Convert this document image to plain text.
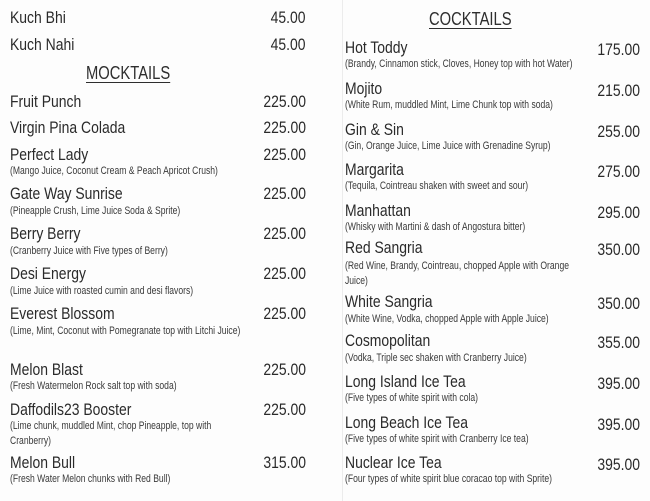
Kuch Bhi	45.00
Kuch Nahi	45.00
MOCKTAILS
Fruit Punch	225.00
Virgin Pina Colada	225.00
Perfect Lady	225.00
(Mango Juice, Coconut Cream & Peach Apricot Crush)
Gate Way Sunrise	225.00
(Pineapple Crush, Lime Juice Soda & Sprite)
Berry Berry	225.00
(Cranberry Juice with Five types of Berry)
Desi Energy	225.00
(Lime Juice with roasted cumin and desi flavors)
Everest Blossom	225.00
(Lime, Mint, Coconut with Pomegranate top with Litchi Juice)
Melon Blast	225.00
(Fresh Watermelon Rock salt top with soda)
Daffodils23 Booster	225.00
(Lime chunk, muddled Mint, chop Pineapple, top with Cranberry)
Melon Bull	315.00
(Fresh Water Melon chunks with Red Bull)
COCKTAILS
Hot Toddy	175.00
(Brandy, Cinnamon stick, Cloves, Honey top with hot Water)
Mojito	215.00
(White Rum, muddled Mint, Lime Chunk top with soda)
Gin & Sin	255.00
(Gin, Orange Juice, Lime Juice with Grenadine Syrup)
Margarita	275.00
(Tequila, Cointreau shaken with sweet and sour)
Manhattan	295.00
(Whisky with Martini & dash of Angostura bitter)
Red Sangria	350.00
(Red Wine, Brandy, Cointreau, chopped Apple with Orange Juice)
White Sangria	350.00
(White Wine, Vodka, chopped Apple with Apple Juice)
Cosmopolitan	355.00
(Vodka, Triple sec shaken with Cranberry Juice)
Long Island Ice Tea	395.00
(Five types of white spirit with cola)
Long Beach Ice Tea	395.00
(Five types of white spirit with Cranberry Ice tea)
Nuclear Ice Tea	395.00
(Four types of white spirit blue coracao top with Sprite)
